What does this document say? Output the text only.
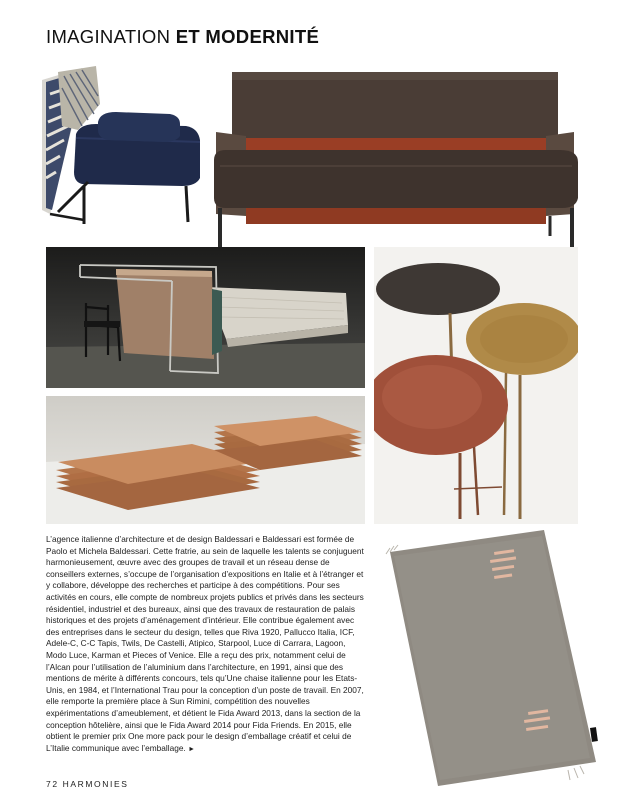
IMAGINATION ET MODERNITÉ

L’agence italienne d’architecture et de design Baldessari e Baldessari est formée de Paolo et Michela Baldessari. Cette fratrie, au sein de laquelle les talents se conjuguent harmonieusement, œuvre avec des groupes de travail et un réseau dense de conseillers externes, s’occupe de l’organisation d’expositions en Italie et à l’étranger et y collabore, développe des recherches et participe à des compétitions. Pour ses activités en cours, elle compte de nombreux projets publics et privés dans les secteurs résidentiel, industriel et des bureaux, ainsi que des travaux de restauration de palais historiques et des projets d’aménagement d’intérieur. Elle contribue également avec des entreprises dans le secteur du design, telles que Riva 1920, Pallucco Italia, ICF, Adele-C, C-C Tapis, Twils, De Castelli, Atipico, Starpool, Luce di Carrara, Lagoon, Modo Luce, Karman et Pieces of Venice. Elle a reçu des prix, notamment celui de l’Alcan pour l’utilisation de l’aluminium dans l’architecture, en 1991, ainsi que des mentions de mérite à différents concours, tels qu’Une chaise italienne pour les Etats-Unis, en 1984, et l’International Trau pour la conception d’un poste de travail. En 2007, elle remporte la première place à Sun Rimini, compétition des nouvelles expérimentations d’ameublement, et détient le Fida Award 2013, dans la section de la conception hôtelière, ainsi que le Fida Award 2014 pour Fida Friends. En 2015, elle obtient le premier prix One more pack pour le design d’emballage créatif et celui de L’Italie communique avec l’emballage. ►

72 HARMONIES
